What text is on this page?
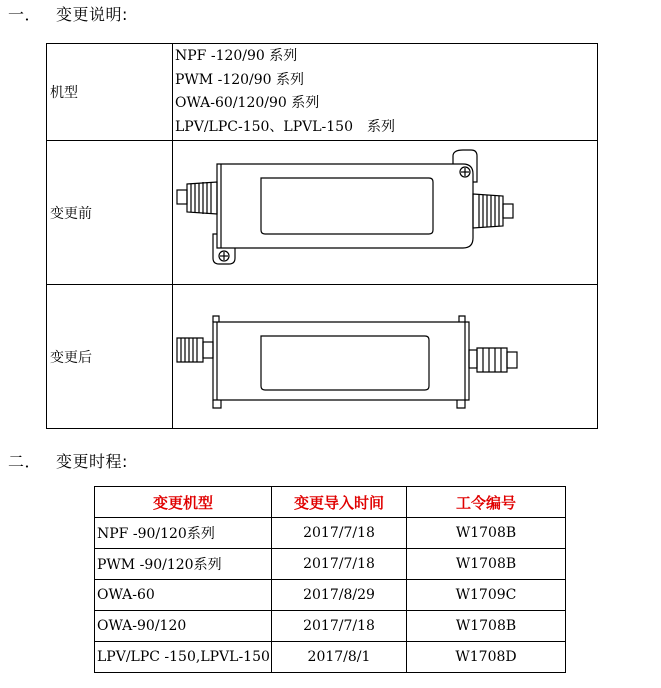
一． 变更说明:
机型	NPF -120/90 系列
PWM -120/90 系列
OWA-60/120/90 系列
LPV/LPC-150、LPVL-150　系列

变更前	

变更后	
二． 变更时程:
变更机型	变更导入时间	工令编号
NPF -90/120系列	2017/7/18	W1708B
PWM -90/120系列	2017/7/18	W1708B
OWA-60	2017/8/29	W1709C
OWA-90/120	2017/7/18	W1708B
LPV/LPC -150,LPVL-150	2017/8/1	W1708D
